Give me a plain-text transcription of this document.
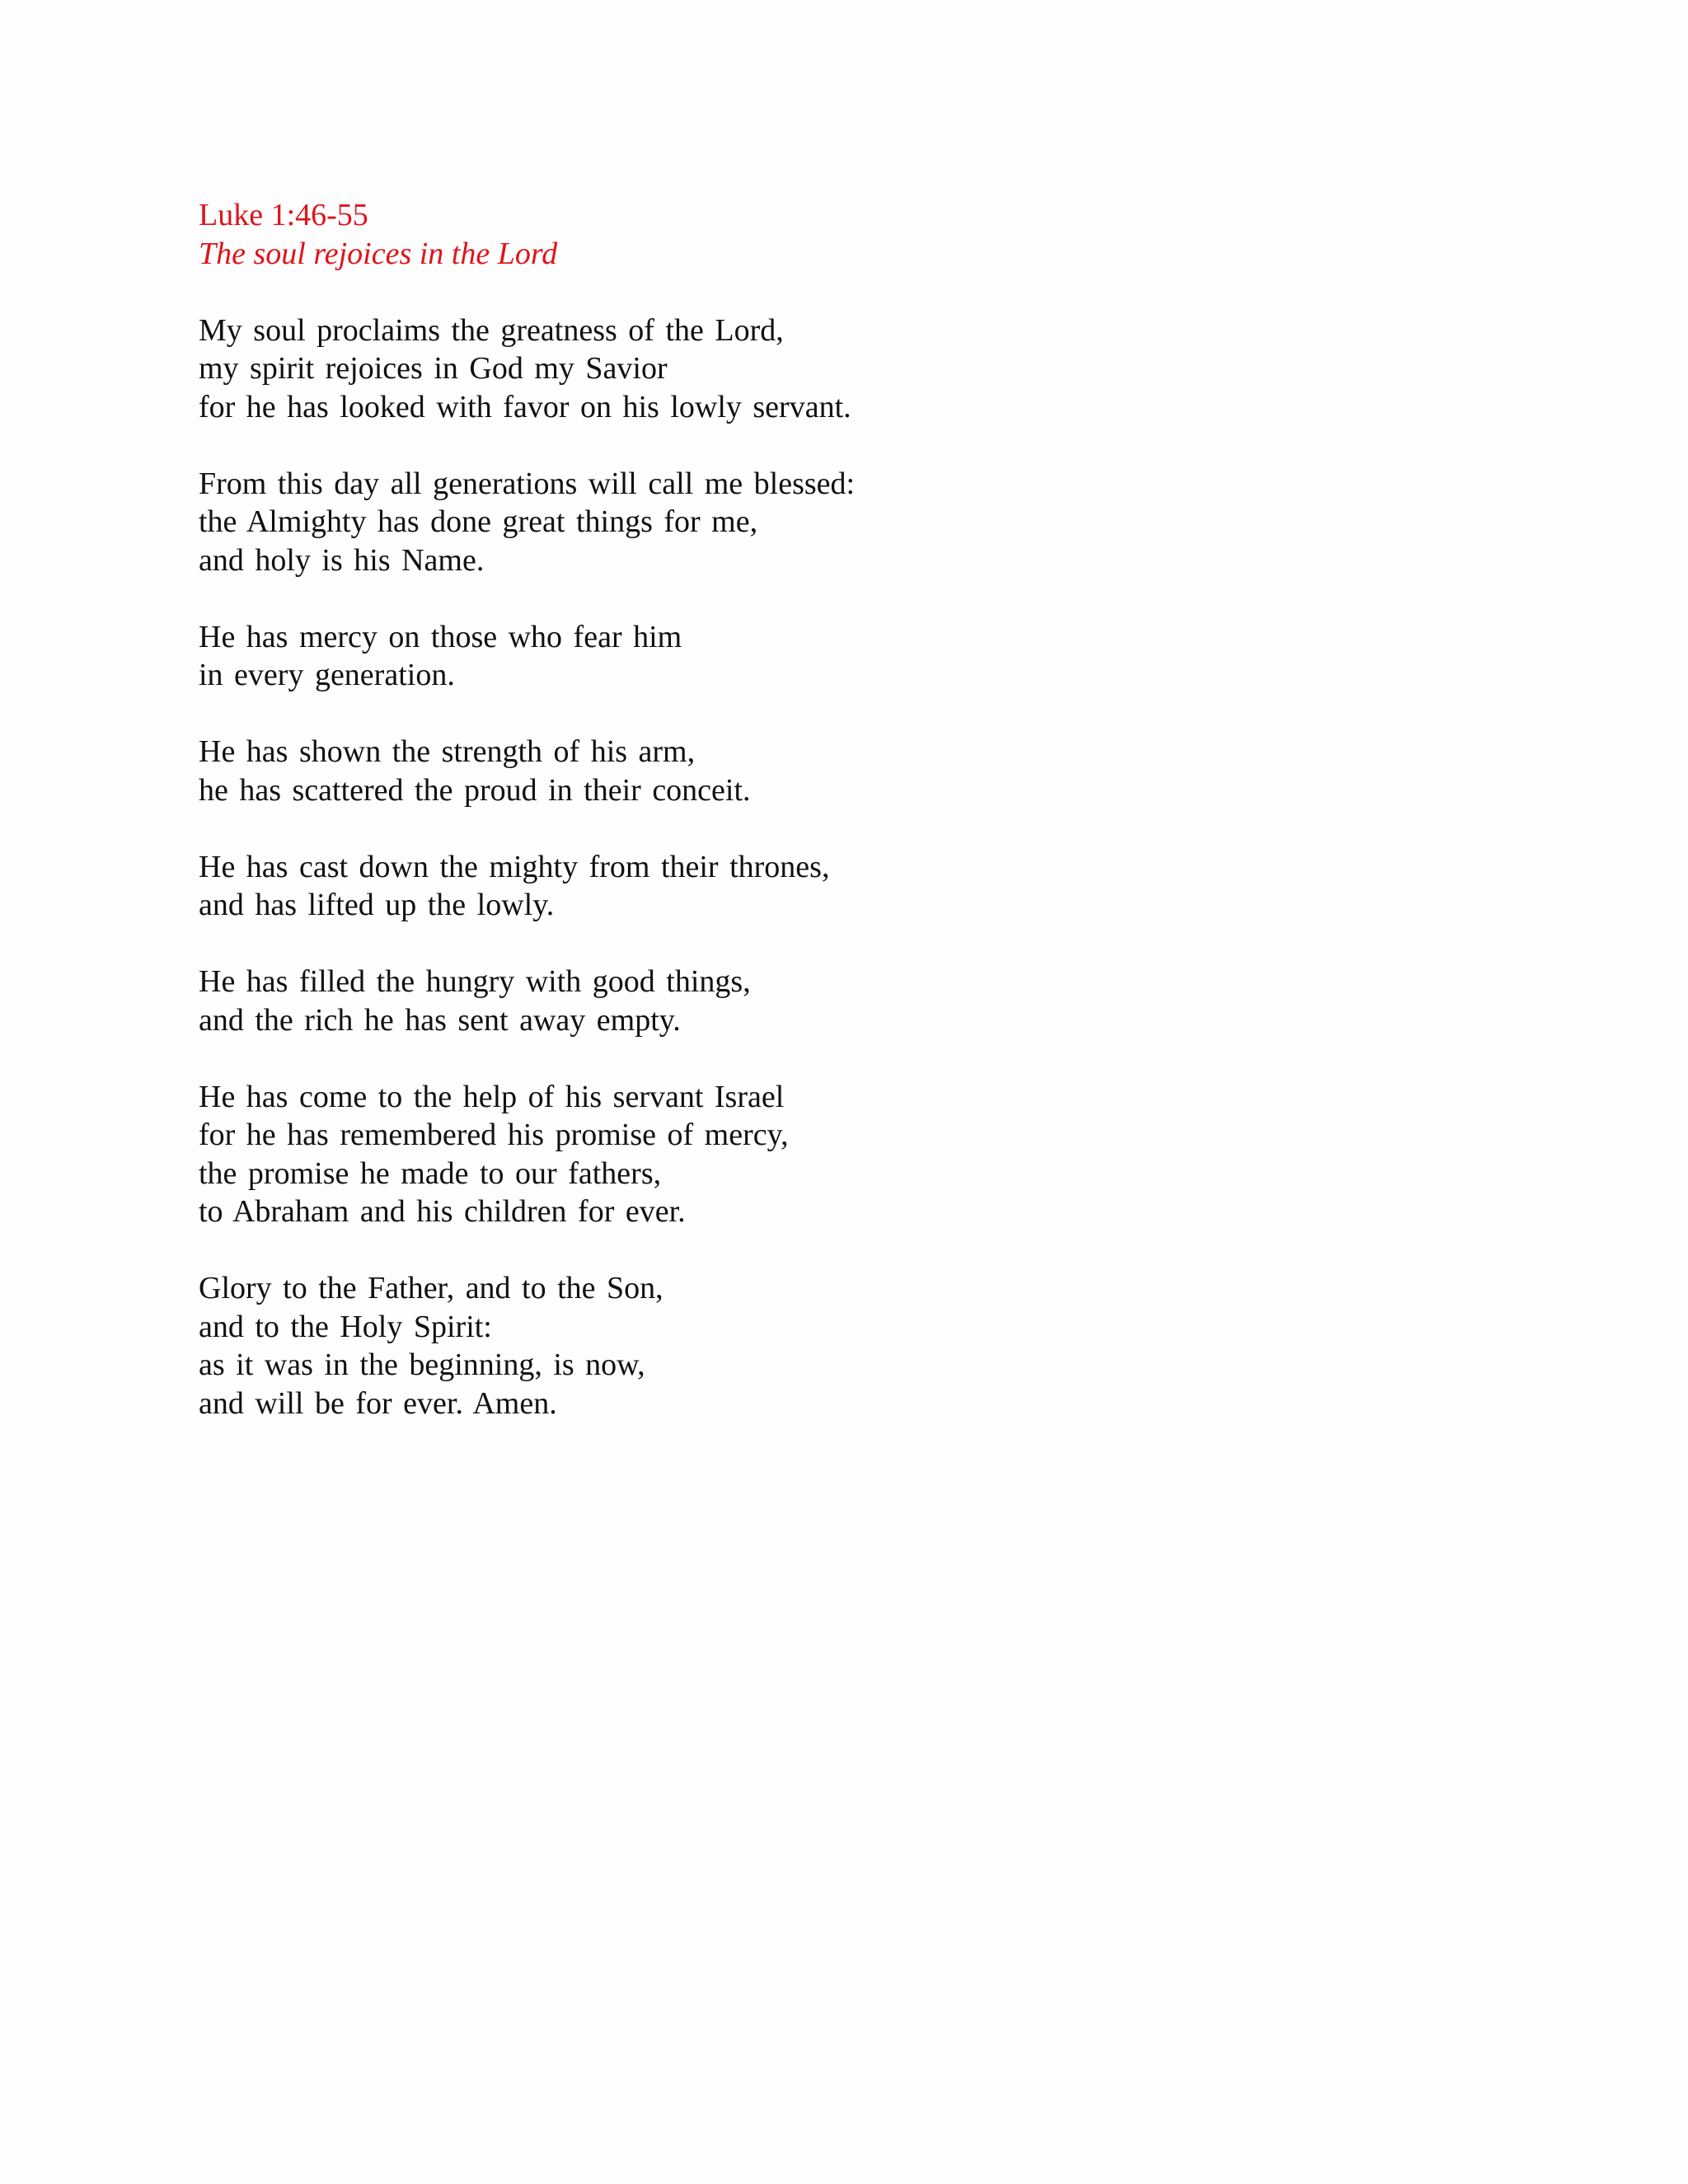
Luke 1:46-55
The soul rejoices in the Lord

My soul proclaims the greatness of the Lord,
my spirit rejoices in God my Savior
for he has looked with favor on his lowly servant.

From this day all generations will call me blessed:
the Almighty has done great things for me,
and holy is his Name.

He has mercy on those who fear him
in every generation.

He has shown the strength of his arm,
he has scattered the proud in their conceit.

He has cast down the mighty from their thrones,
and has lifted up the lowly.

He has filled the hungry with good things,
and the rich he has sent away empty.

He has come to the help of his servant Israel
for he has remembered his promise of mercy,
the promise he made to our fathers,
to Abraham and his children for ever.

Glory to the Father, and to the Son,
and to the Holy Spirit:
as it was in the beginning, is now,
and will be for ever. Amen.
